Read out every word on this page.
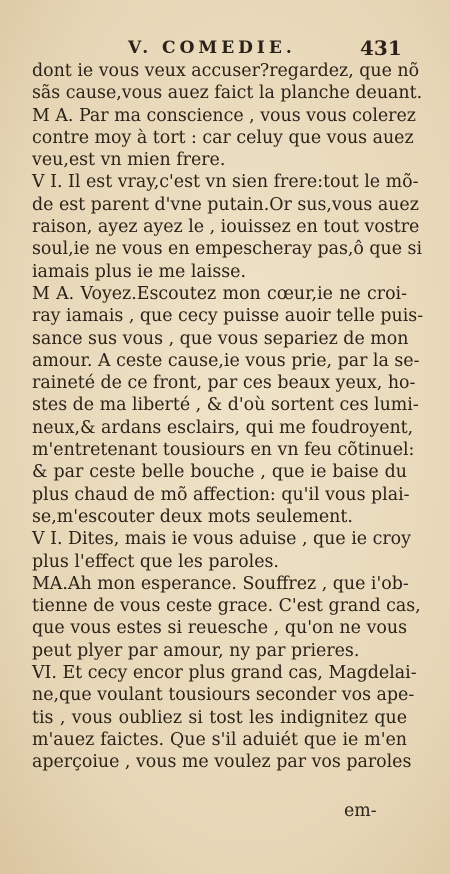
V. COMEDIE.	431
dont ie vous veux accuser?regardez, que nõ
sãs cause,vous auez faict la planche deuant.
M A. Par ma conscience , vous vous colerez
contre moy à tort : car celuy que vous auez
veu,est vn mien frere.
V I. Il est vray,c'est vn sien frere:tout le mõ-
de est parent d'vne putain.Or sus,vous auez
raison, ayez ayez le , iouissez en tout vostre
soul,ie ne vous en empescheray pas,ô que si
iamais plus ie me laisse.
M A. Voyez.Escoutez mon cœur,ie ne croi-
ray iamais , que cecy puisse auoir telle puis-
sance sus vous , que vous separiez de mon
amour. A ceste cause,ie vous prie, par la se-
raineté de ce front, par ces beaux yeux, ho-
stes de ma liberté , & d'où sortent ces lumi-
neux,& ardans esclairs, qui me foudroyent,
m'entretenant tousiours en vn feu cõtinuel:
& par ceste belle bouche , que ie baise du
plus chaud de mõ affection: qu'il vous plai-
se,m'escouter deux mots seulement.
V I. Dites, mais ie vous aduise , que ie croy
plus l'effect que les paroles.
MA.Ah mon esperance. Souffrez , que i'ob-
tienne de vous ceste grace. C'est grand cas,
que vous estes si reuesche , qu'on ne vous
peut plyer par amour, ny par prieres.
VI. Et cecy encor plus grand cas, Magdelai-
ne,que voulant tousiours seconder vos ape-
tis , vous oubliez si tost les indignitez que
m'auez faictes. Que s'il aduiét que ie m'en
aperçoiue , vous me voulez par vos paroles
em-
